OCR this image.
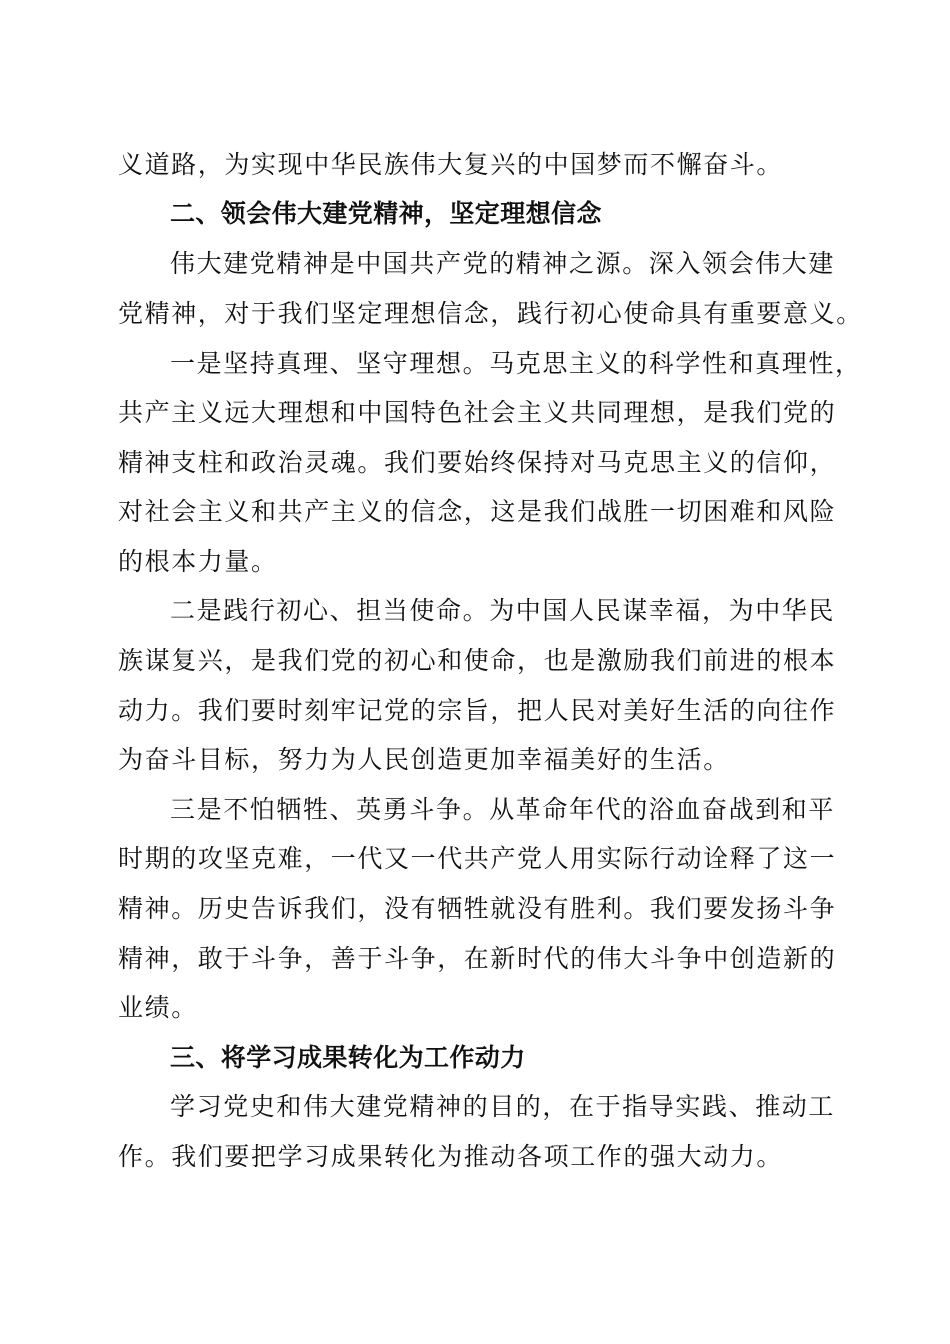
义道路，为实现中华民族伟大复兴的中国梦而不懈奋斗。
二、领会伟大建党精神，坚定理想信念
伟大建党精神是中国共产党的精神之源。深入领会伟大建
党精神，对于我们坚定理想信念，践行初心使命具有重要意义。
一是坚持真理、坚守理想。马克思主义的科学性和真理性，
共产主义远大理想和中国特色社会主义共同理想，是我们党的
精神支柱和政治灵魂。我们要始终保持对马克思主义的信仰，
对社会主义和共产主义的信念，这是我们战胜一切困难和风险
的根本力量。
二是践行初心、担当使命。为中国人民谋幸福，为中华民
族谋复兴，是我们党的初心和使命，也是激励我们前进的根本
动力。我们要时刻牢记党的宗旨，把人民对美好生活的向往作
为奋斗目标，努力为人民创造更加幸福美好的生活。
三是不怕牺牲、英勇斗争。从革命年代的浴血奋战到和平
时期的攻坚克难，一代又一代共产党人用实际行动诠释了这一
精神。历史告诉我们，没有牺牲就没有胜利。我们要发扬斗争
精神，敢于斗争，善于斗争，在新时代的伟大斗争中创造新的
业绩。
三、将学习成果转化为工作动力
学习党史和伟大建党精神的目的，在于指导实践、推动工
作。我们要把学习成果转化为推动各项工作的强大动力。
